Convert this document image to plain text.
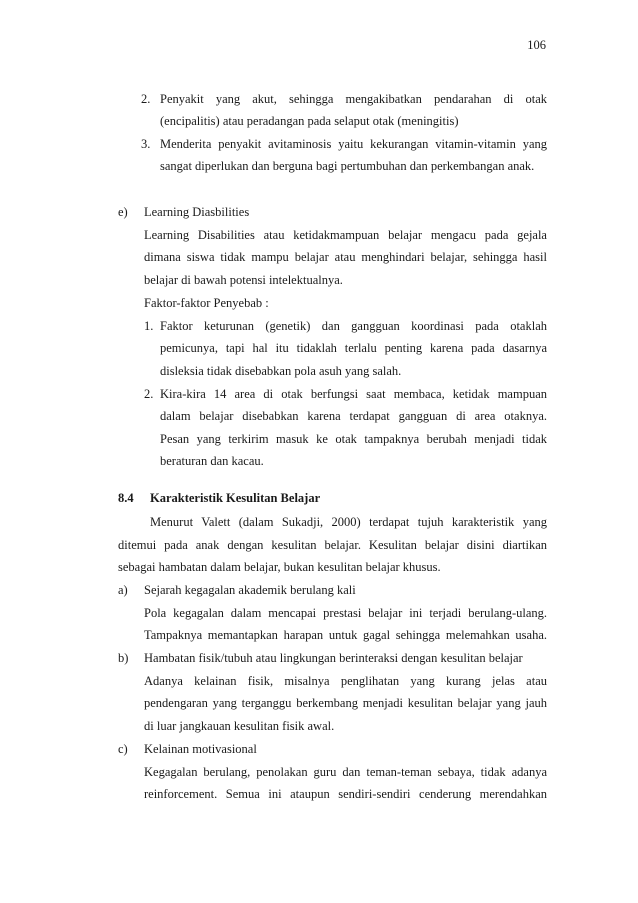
106
2. Penyakit yang akut, sehingga mengakibatkan pendarahan di otak
(encipalitis) atau peradangan pada selaput otak (meningitis)
3. Menderita penyakit avitaminosis yaitu kekurangan vitamin-vitamin yang
sangat diperlukan dan berguna bagi pertumbuhan dan perkembangan anak.
e) Learning Diasbilities
Learning Disabilities atau ketidakmampuan belajar mengacu pada gejala
dimana siswa tidak mampu belajar atau menghindari belajar, sehingga hasil
belajar di bawah potensi intelektualnya.
Faktor-faktor Penyebab :
1. Faktor keturunan (genetik) dan gangguan koordinasi pada otaklah
pemicunya, tapi hal itu tidaklah terlalu penting karena pada dasarnya
disleksia tidak disebabkan pola asuh yang salah.
2. Kira-kira 14 area di otak berfungsi saat membaca, ketidak mampuan
dalam belajar disebabkan karena terdapat gangguan di area otaknya.
Pesan yang terkirim masuk ke otak tampaknya berubah menjadi tidak
beraturan dan kacau.
8.4 Karakteristik Kesulitan Belajar
Menurut Valett (dalam Sukadji, 2000) terdapat tujuh karakteristik yang
ditemui pada anak dengan kesulitan belajar. Kesulitan belajar disini diartikan
sebagai hambatan dalam belajar, bukan kesulitan belajar khusus.
a) Sejarah kegagalan akademik berulang kali
Pola kegagalan dalam mencapai prestasi belajar ini terjadi berulang-ulang.
Tampaknya memantapkan harapan untuk gagal sehingga melemahkan usaha.
b) Hambatan fisik/tubuh atau lingkungan berinteraksi dengan kesulitan belajar
Adanya kelainan fisik, misalnya penglihatan yang kurang jelas atau
pendengaran yang terganggu berkembang menjadi kesulitan belajar yang jauh
di luar jangkauan kesulitan fisik awal.
c) Kelainan motivasional
Kegagalan berulang, penolakan guru dan teman-teman sebaya, tidak adanya
reinforcement. Semua ini ataupun sendiri-sendiri cenderung merendahkan
